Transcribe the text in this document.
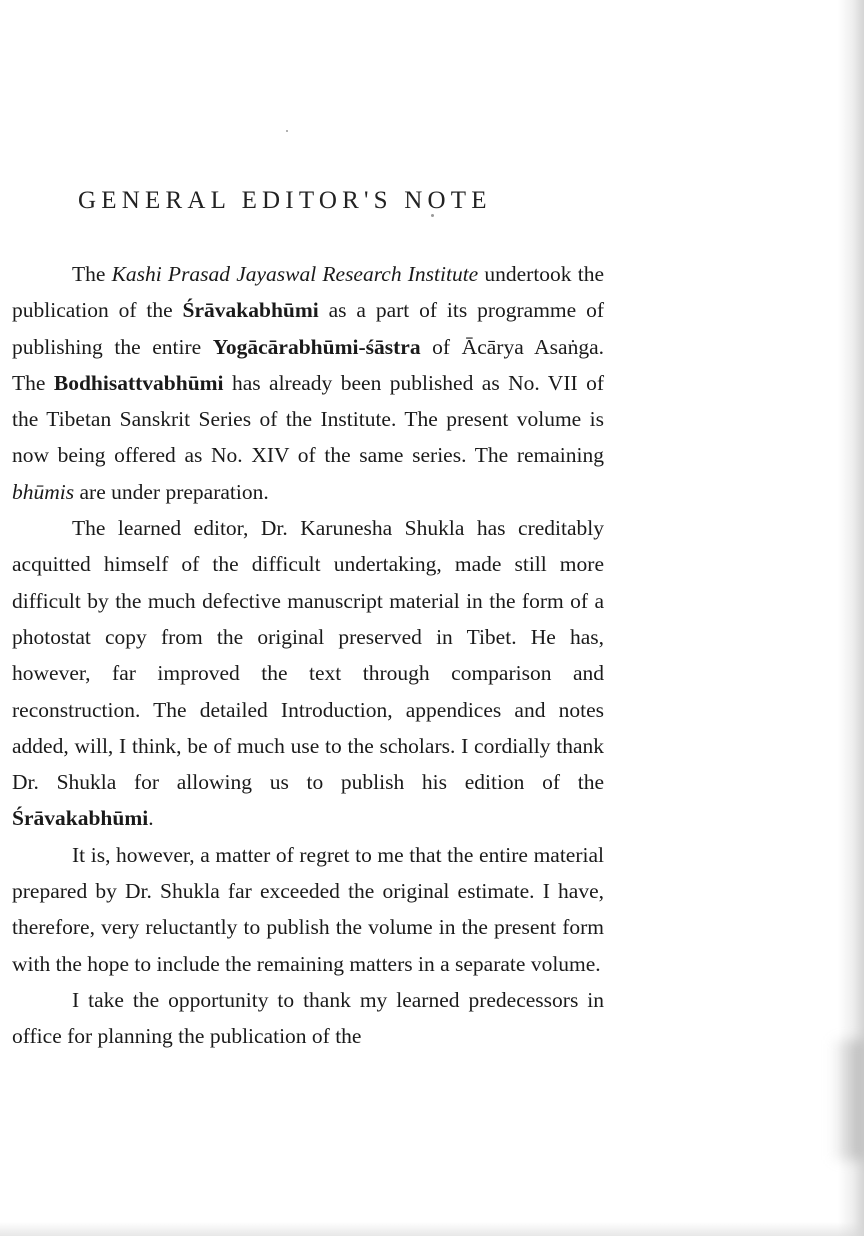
GENERAL EDITOR'S NOTE

The Kashi Prasad Jayaswal Research Institute undertook the publication of the Śrāvakabhūmi as a part of its programme of publishing the entire Yogācārabhūmi-śāstra of Ācārya Asaṅga. The Bodhisattvabhūmi has already been published as No. VII of the Tibetan Sanskrit Series of the Institute. The present volume is now being offered as No. XIV of the same series. The remaining bhūmis are under preparation.

The learned editor, Dr. Karunesha Shukla has creditably acquitted himself of the difficult undertaking, made still more difficult by the much defective manuscript material in the form of a photostat copy from the original preserved in Tibet. He has, however, far improved the text through comparison and reconstruction. The detailed Introduction, appendices and notes added, will, I think, be of much use to the scholars. I cordially thank Dr. Shukla for allowing us to publish his edition of the Śrāvakabhūmi.

It is, however, a matter of regret to me that the entire material prepared by Dr. Shukla far exceeded the original estimate. I have, therefore, very reluctantly to publish the volume in the present form with the hope to include the remaining matters in a separate volume.

I take the opportunity to thank my learned predecessors in office for planning the publication of the
